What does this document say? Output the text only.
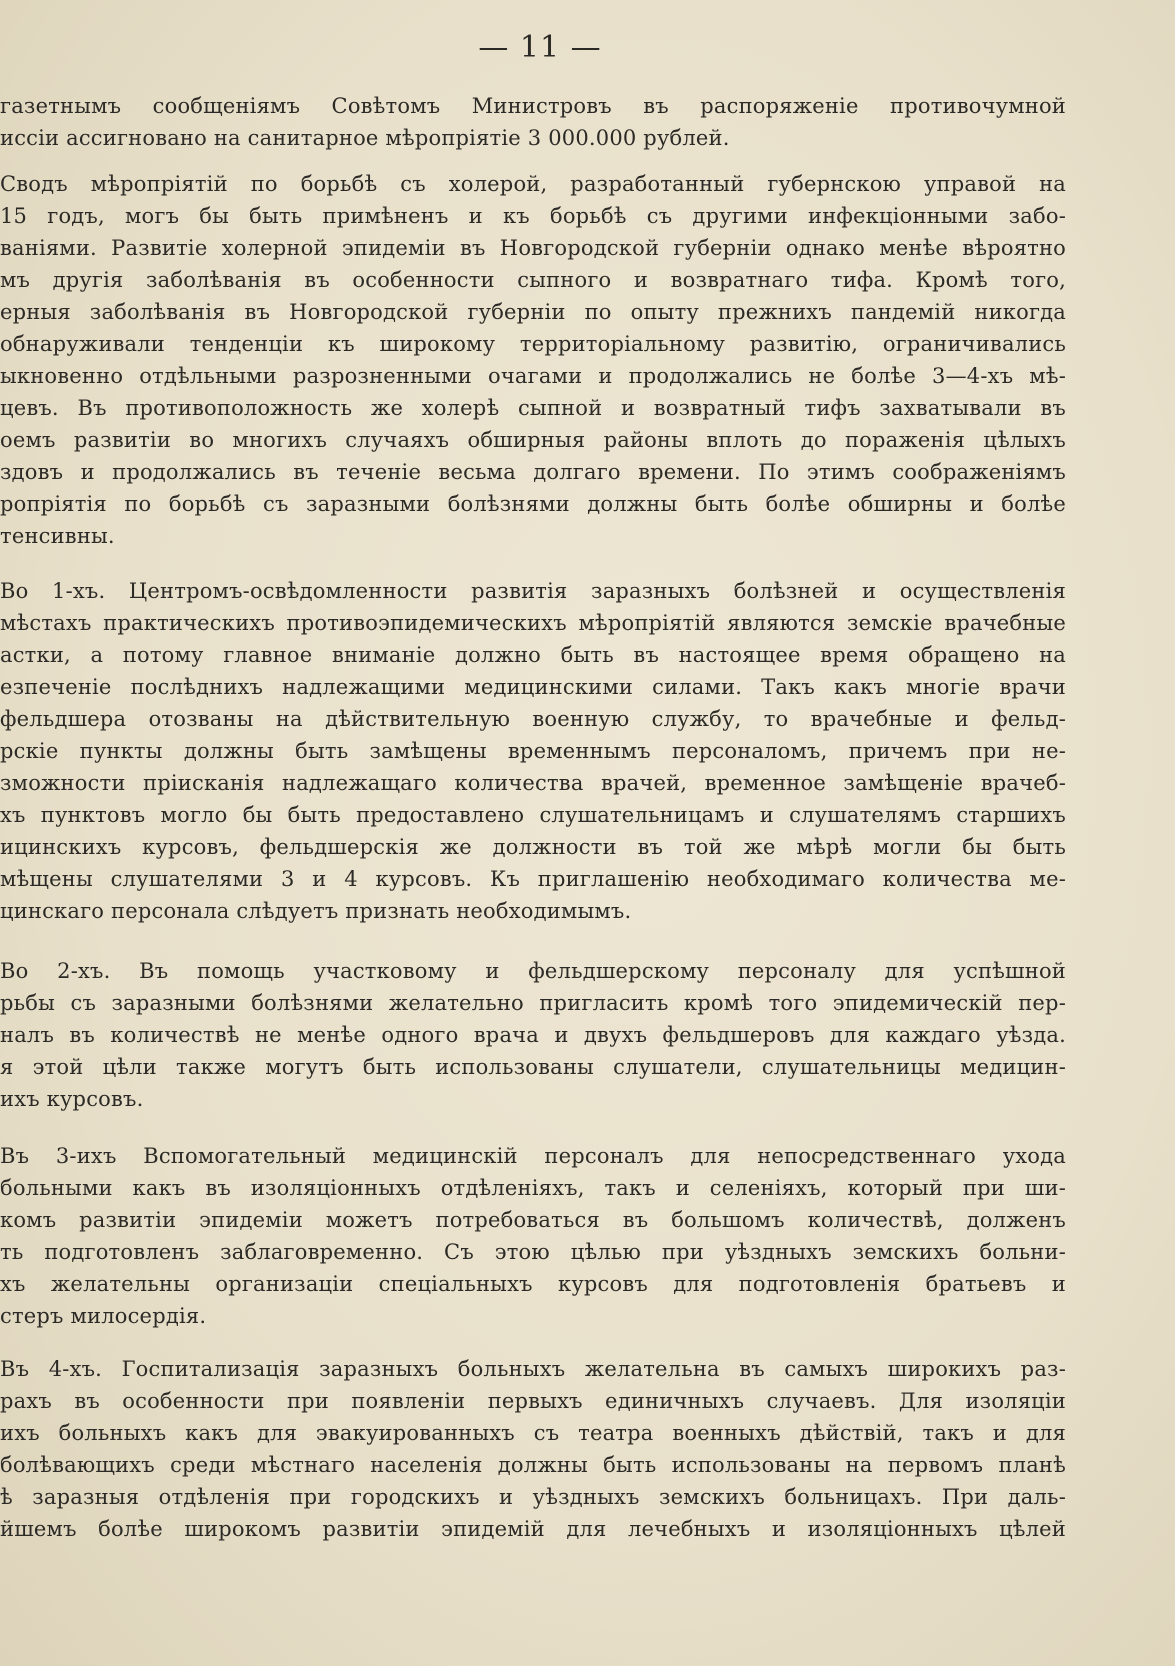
— 11 —
газетнымъ сообщеніямъ Совѣтомъ Министровъ въ распоряженіе противочумной
иссіи ассигновано на санитарное мѣропріятіе 3 000.000 рублей.
Сводъ мѣропріятій по борьбѣ съ холерой, разработанный губернскою управой на
15 годъ, могъ бы быть примѣненъ и къ борьбѣ съ другими инфекціонными забо-
ваніями. Развитіе холерной эпидеміи въ Новгородской губерніи однако менѣе вѣроятно
мъ другія заболѣванія въ особенности сыпного и возвратнаго тифа. Кромѣ того,
ерныя заболѣванія въ Новгородской губерніи по опыту прежнихъ пандемій никогда
обнаруживали тенденціи къ широкому территоріальному развитію, ограничивались
ыкновенно отдѣльными разрозненными очагами и продолжались не болѣе 3—4-хъ мѣ-
цевъ. Въ противоположность же холерѣ сыпной и возвратный тифъ захватывали въ
оемъ развитіи во многихъ случаяхъ обширныя районы вплоть до пораженія цѣлыхъ
здовъ и продолжались въ теченіе весьма долгаго времени. По этимъ соображеніямъ
ропріятія по борьбѣ съ заразными болѣзнями должны быть болѣе обширны и болѣе
тенсивны.
Во 1-хъ. Центромъ-освѣдомленности развитія заразныхъ болѣзней и осуществленія
мѣстахъ практическихъ противоэпидемическихъ мѣропріятій являются земскіе врачебные
астки, а потому главное вниманіе должно быть въ настоящее время обращено на
езпеченіе послѣднихъ надлежащими медицинскими силами. Такъ какъ многіе врачи
фельдшера отозваны на дѣйствительную военную службу, то врачебные и фельд-
рскіе пункты должны быть замѣщены временнымъ персоналомъ, причемъ при не-
зможности пріисканія надлежащаго количества врачей, временное замѣщеніе врачеб-
хъ пунктовъ могло бы быть предоставлено слушательницамъ и слушателямъ старшихъ
ицинскихъ курсовъ, фельдшерскія же должности въ той же мѣрѣ могли бы быть
мѣщены слушателями 3 и 4 курсовъ. Къ приглашенію необходимаго количества ме-
цинскаго персонала слѣдуетъ признать необходимымъ.
Во 2-хъ. Въ помощь участковому и фельдшерскому персоналу для успѣшной
рьбы съ заразными болѣзнями желательно пригласить кромѣ того эпидемическій пер-
налъ въ количествѣ не менѣе одного врача и двухъ фельдшеровъ для каждаго уѣзда.
я этой цѣли также могутъ быть использованы слушатели, слушательницы медицин-
ихъ курсовъ.
Въ 3-ихъ Вспомогательный медицинскій персоналъ для непосредственнаго ухода
больными какъ въ изоляціонныхъ отдѣленіяхъ, такъ и селеніяхъ, который при ши-
комъ развитіи эпидеміи можетъ потребоваться въ большомъ количествѣ, долженъ
ть подготовленъ заблаговременно. Съ этою цѣлью при уѣздныхъ земскихъ больни-
хъ желательны организаціи спеціальныхъ курсовъ для подготовленія братьевъ и
стеръ милосердія.
Въ 4-хъ. Госпитализація заразныхъ больныхъ желательна въ самыхъ широкихъ раз-
рахъ въ особенности при появленіи первыхъ единичныхъ случаевъ. Для изоляціи
ихъ больныхъ какъ для эвакуированныхъ съ театра военныхъ дѣйствій, такъ и для
болѣвающихъ среди мѣстнаго населенія должны быть использованы на первомъ планѣ
ѣ заразныя отдѣленія при городскихъ и уѣздныхъ земскихъ больницахъ. При даль-
йшемъ болѣе широкомъ развитіи эпидемій для лечебныхъ и изоляціонныхъ цѣлей
